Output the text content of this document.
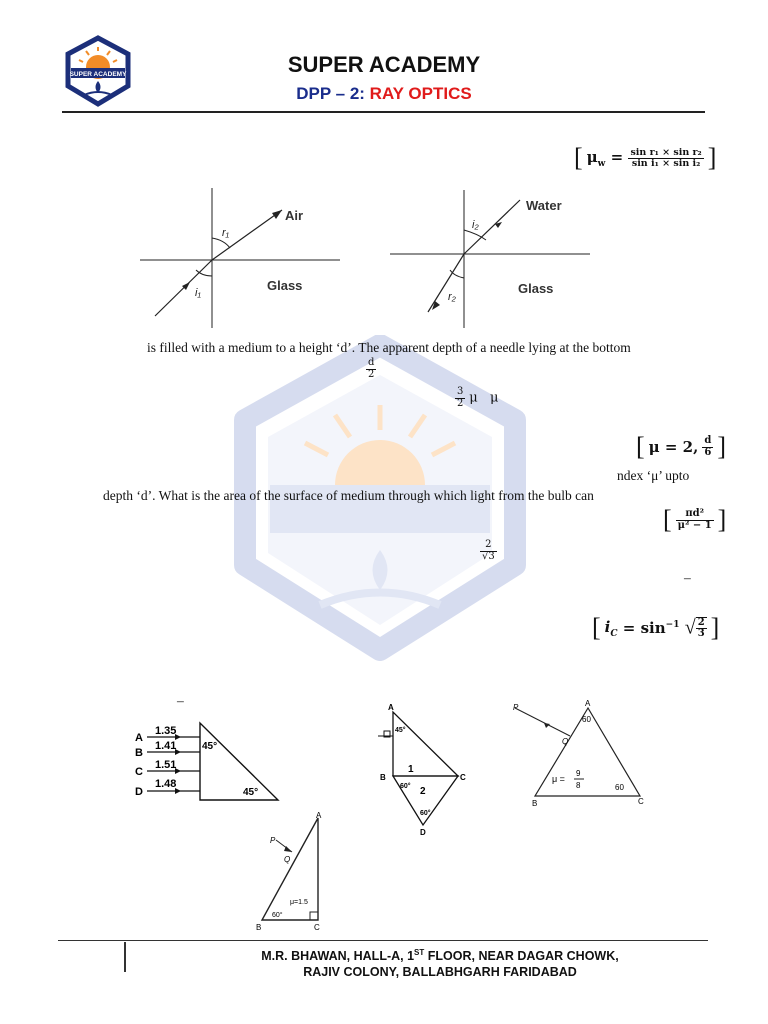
SUPER ACADEMY	SUPER ACADEMY
DPP – 2: RAY OPTICS
[ $\mu_w = \frac{\text{sin r₁ × sin r₂}}{\text{sin i₁ × sin i₂}}$ ]
Air
Glass
r₁
i₁
Water
Glass
i₂
r₂
is filled with a medium to a height ‘d’. The apparent depth of a needle lying at the bottom
$\frac{d}{2}$
$\frac{3}{2}$ μ   μ
[ μ = 2, $\frac{d}{6}$ ]
ndex ‘μ’ upto
depth ‘d’. What is the area of the surface of medium through which light from the bulb can
[ $\frac{\text{πd²}}{\text{μ² − 1}}$ ]
$\frac{2}{√3}$
–
[ $i_C = \sin^{-1}$ √ $\frac{2}{3}$ ]
–
A
B
C
D
1.35
1.41
1.51
1.48
45°
45°
A
B	C
D
45°
60°
60°
1
2
P
Q
A
B	C
60
60
μ =
9
8
P
Q
A
B	C
60°
μ=1.5
M.R. BHAWAN, HALL-A, 1ST FLOOR, NEAR DAGAR CHOWK,
RAJIV COLONY, BALLABHGARH FARIDABAD
